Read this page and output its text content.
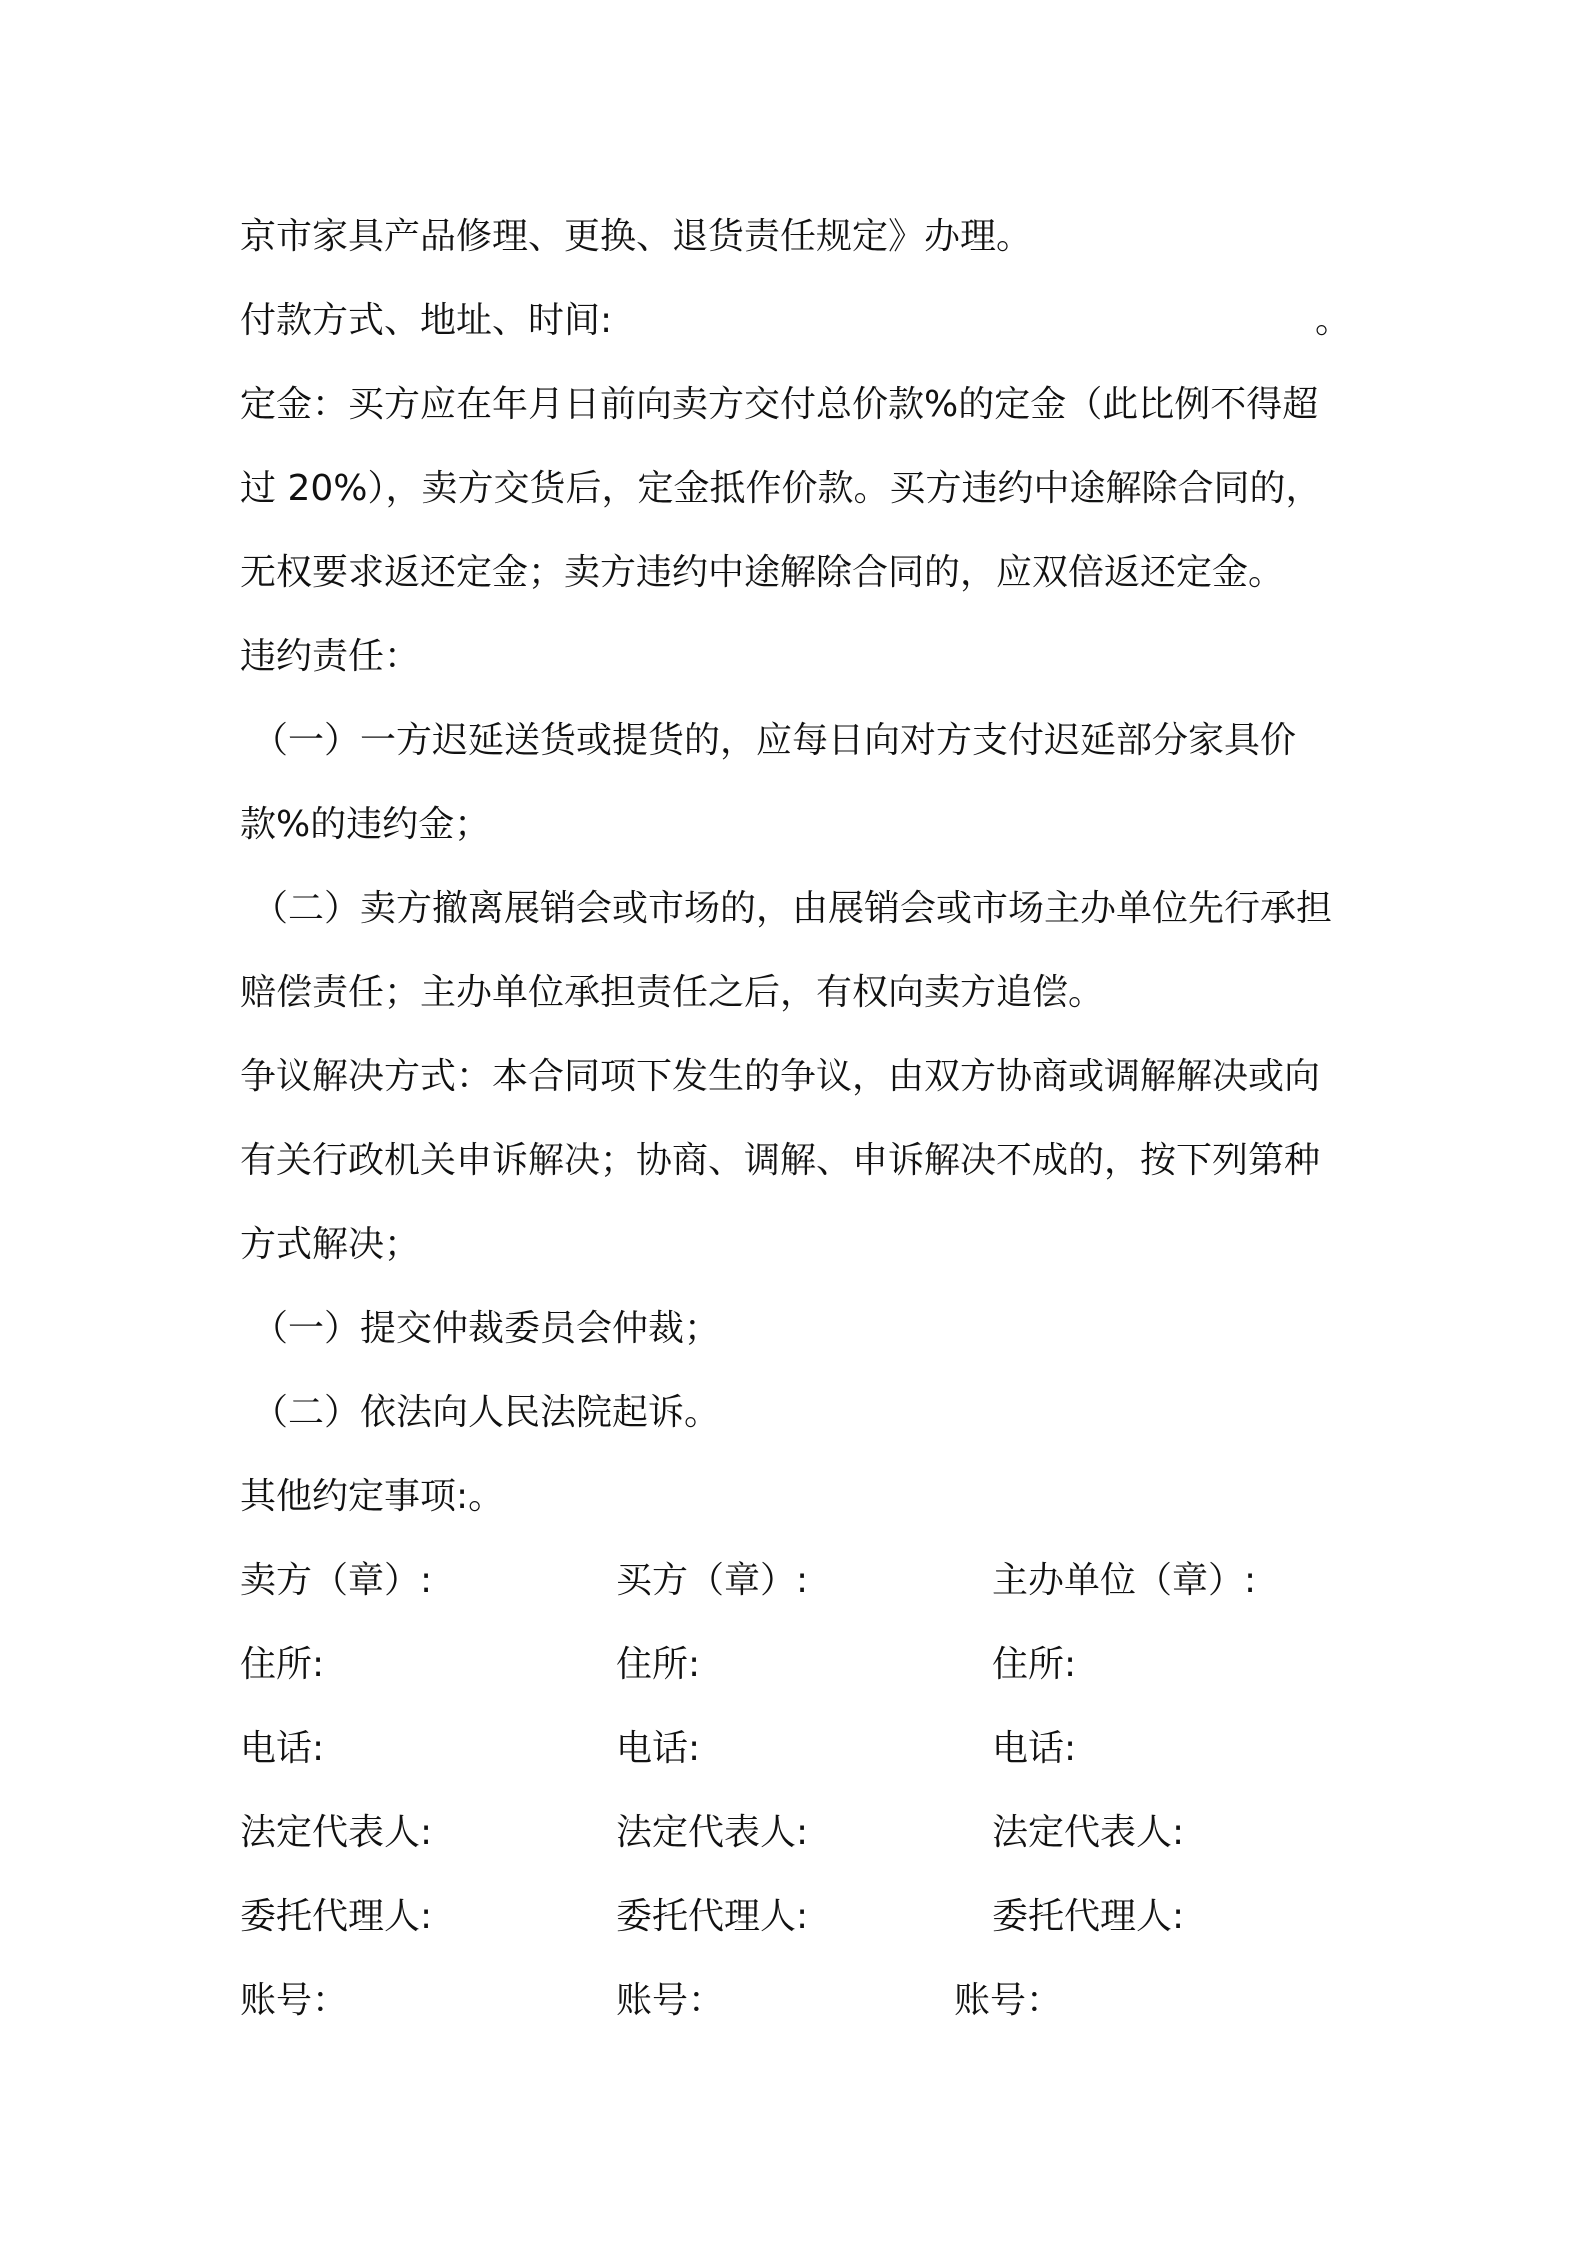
京市家具产品修理、更换、退货责任规定》办理。
付款方式、地址、时间:	。
定金：买方应在年月日前向卖方交付总价款%的定金（此比例不得超
过 20%），卖方交货后，定金抵作价款。买方违约中途解除合同的，
无权要求返还定金；卖方违约中途解除合同的，应双倍返还定金。
违约责任：
（一）一方迟延送货或提货的，应每日向对方支付迟延部分家具价
款%的违约金；
（二）卖方撤离展销会或市场的，由展销会或市场主办单位先行承担
赔偿责任；主办单位承担责任之后，有权向卖方追偿。
争议解决方式：本合同项下发生的争议，由双方协商或调解解决或向
有关行政机关申诉解决；协商、调解、申诉解决不成的，按下列第种
方式解决；
（一）提交仲裁委员会仲裁；
（二）依法向人民法院起诉。
其他约定事项:。
卖方（章）:	买方（章）:	主办单位（章）:
住所:	住所:	住所:
电话:	电话:	电话:
法定代表人:	法定代表人:	法定代表人:
委托代理人:	委托代理人:	委托代理人:
账号：	账号：	账号：
